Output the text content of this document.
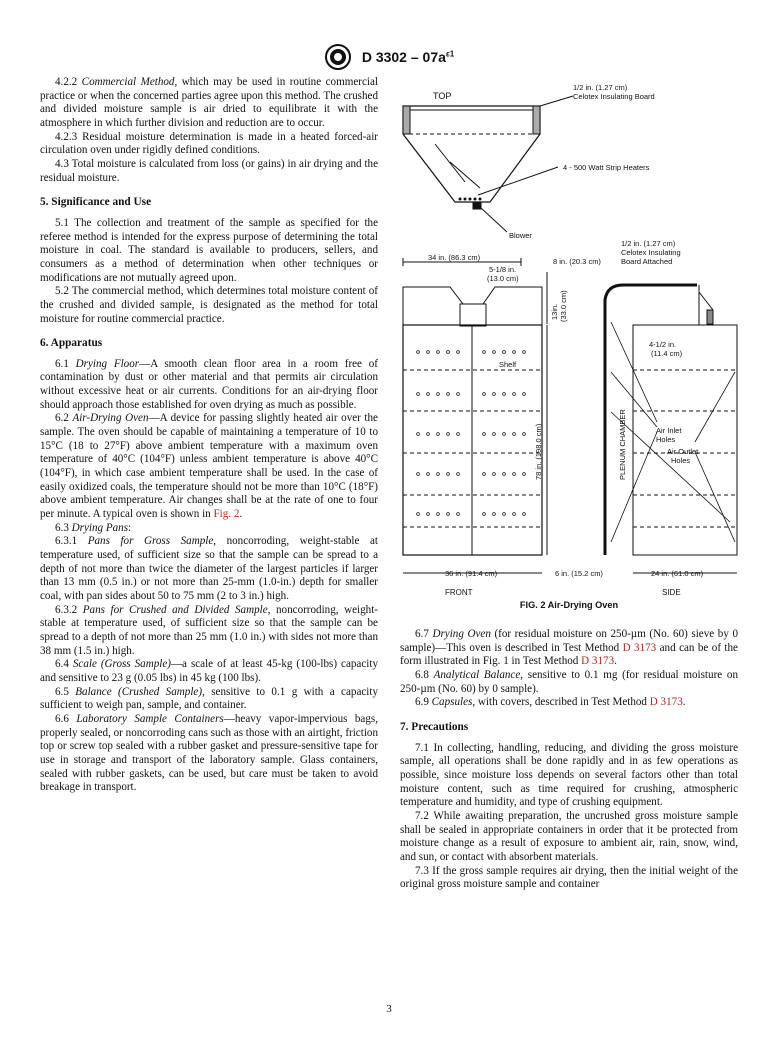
D $3302 - 07a^{\varepsilon 1}$

4.2.2 Commercial Method, which may be used in routine commercial practice or when the concerned parties agree upon this method. The crushed and divided moisture sample is air dried to equilibrate it with the atmosphere in which further division and reduction are to occur.

4.2.3 Residual moisture determination is made in a heated forced-air circulation oven under rigidly defined conditions.

4.3 Total moisture is calculated from loss (or gains) in air drying and the residual moisture.

5. Significance and Use

5.1 The collection and treatment of the sample as specified for the referee method is intended for the express purpose of determining the total moisture in coal. The standard is available to producers, sellers, and consumers as a method of determination when other techniques or modifications are not mutually agreed upon.

5.2 The commercial method, which determines total moisture content of the crushed and divided sample, is designated as the method for total moisture for routine commercial practice.

6. Apparatus

6.1 Drying Floor—A smooth clean floor area in a room free of contamination by dust or other material and that permits air circulation without excessive heat or air currents. Conditions for an air-drying floor should approach those established for oven drying as much as possible.

6.2 Air-Drying Oven—A device for passing slightly heated air over the sample. The oven should be capable of maintaining a temperature of 10 to 15°C (18 to 27°F) above ambient temperature with a maximum oven temperature of 40°C (104°F) unless ambient temperature is above 40°C (104°F), in which case ambient temperature shall be used. In the case of easily oxidized coals, the temperature should not be more than 10°C (18°F) above ambient temperature. Air changes shall be at the rate of one to four per minute. A typical oven is shown in Fig. 2.

6.3 Drying Pans:

6.3.1 Pans for Gross Sample, noncorroding, weight-stable at temperature used, of sufficient size so that the sample can be spread to a depth of not more than twice the diameter of the largest particles if larger than 13 mm (0.5 in.) or not more than 25-mm (1.0-in.) depth for smaller coal, with pan sides about 50 to 75 mm (2 to 3 in.) high.

6.3.2 Pans for Crushed and Divided Sample, noncorroding, weight-stable at temperature used, of sufficient size so that the sample can be spread to a depth of not more than 25 mm (1.0 in.) with sides not more than 38 mm (1.5 in.) high.

6.4 Scale (Gross Sample)—a scale of at least 45-kg (100-lbs) capacity and sensitive to 23 g (0.05 lbs) in 45 kg (100 lbs).

6.5 Balance (Crushed Sample), sensitive to 0.1 g with a capacity sufficient to weigh pan, sample, and container.

6.6 Laboratory Sample Containers—heavy vapor-impervious bags, properly sealed, or noncorroding cans such as those with an airtight, friction top or screw top sealed with a rubber gasket and pressure-sensitive tape for use in storage and transport of the laboratory sample. Glass containers, sealed with rubber gaskets, can be used, but care must be taken to avoid breakage in transport.

TOP
1/2 in. (1.27 cm)
Celotex Insulating Board
4 - 500 Watt Strip Heaters
Blower
34 in. (86.3 cm)
5-1/8 in.
(13.0 cm)
8 in. (20.3 cm)
13in. (33.0 cm)
Shelf
78 in. (198.0 cm)
36 in. (91.4 cm)	6 in. (15.2 cm)
FRONT
1/2 in. (1.27 cm)
Celotex Insulating
Board Attached
4-1/2 in.
(11.4 cm)
PLENUM CHAMBER	Air Inlet
Holes
Air Outlet
Holes
24 in. (61.0 cm)
SIDE
FIG. 2 Air-Drying Oven

6.7 Drying Oven (for residual moisture on 250-µm (No. 60) sieve by 0 sample)—This oven is described in Test Method D 3173 and can be of the form illustrated in Fig. 1 in Test Method D 3173.

6.8 Analytical Balance, sensitive to 0.1 mg (for residual moisture on 250-µm (No. 60) by 0 sample).

6.9 Capsules, with covers, described in Test Method D 3173.

7. Precautions

7.1 In collecting, handling, reducing, and dividing the gross moisture sample, all operations shall be done rapidly and in as few operations as possible, since moisture loss depends on several factors other than total moisture content, such as time required for crushing, atmospheric temperature and humidity, and type of crushing equipment.

7.2 While awaiting preparation, the uncrushed gross moisture sample shall be sealed in appropriate containers in order that it be protected from moisture change as a result of exposure to ambient air, rain, snow, wind, and sun, or contact with absorbent materials.

7.3 If the gross sample requires air drying, then the initial weight of the original gross moisture sample and container

3
